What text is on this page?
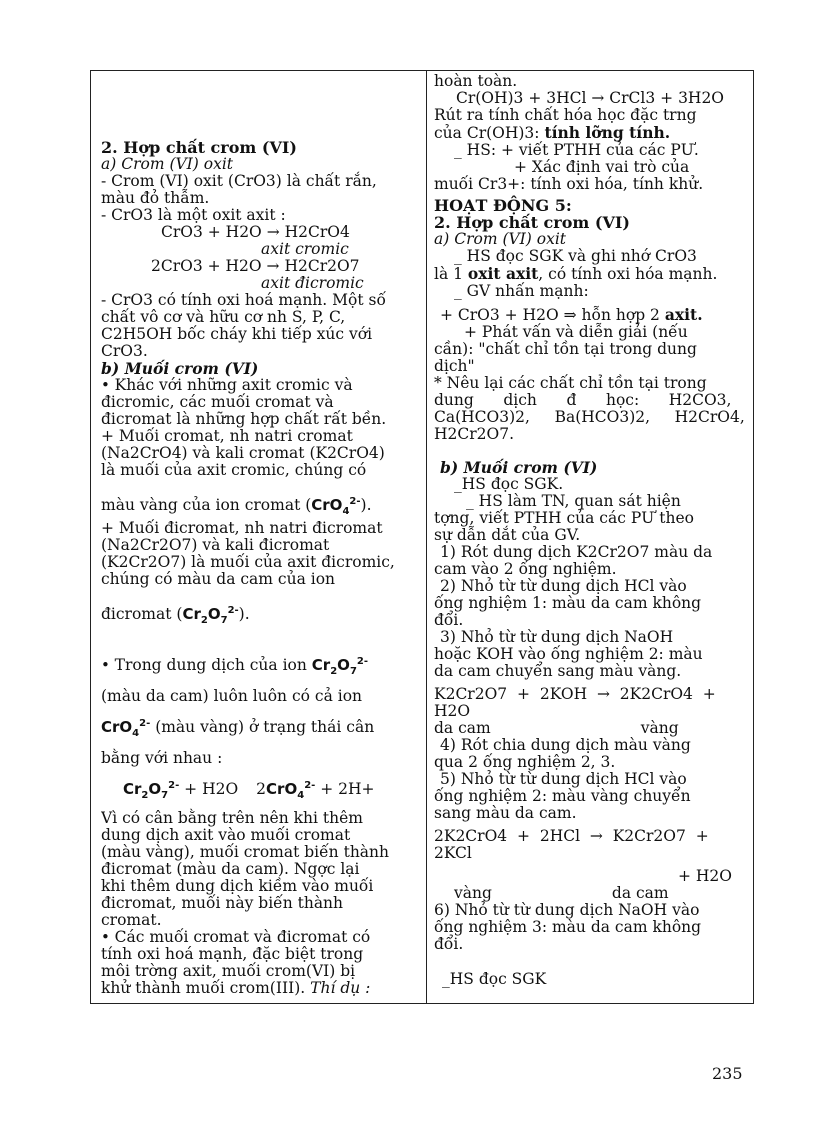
2. Hợp chất crom (VI)
a) Crom (VI) oxit
- Crom (VI) oxit (CrO3) là chất rắn,
màu đỏ thẫm.
- CrO3 là một oxit axit :
CrO3 + H2O → H2CrO4
axit cromic
2CrO3 + H2O → H2Cr2O7
axit đicromic
- CrO3 có tính oxi hoá mạnh. Một số
chất vô cơ và hữu cơ nh S, P, C,
C2H5OH bốc cháy khi tiếp xúc với
CrO3.
b) Muối crom (VI)
• Khác với những axit cromic và
đicromic, các muối cromat và
đicromat là những hợp chất rất bền.
+ Muối cromat, nh natri cromat
(Na2CrO4) và kali cromat (K2CrO4)
là muối của axit cromic, chúng có
màu vàng của ion cromat (CrO$_4^{2-}$).
+ Muối đicromat, nh natri đicromat
(Na2Cr2O7) và kali đicromat
(K2Cr2O7) là muối của axit đicromic,
chúng có màu da cam của ion
đicromat $(Cr_2O_7^{2-})$.
• Trong dung dịch của ion $Cr_2O_7^{2-}$
(màu da cam) luôn luôn có cả ion
CrO$_4^{2-}$ (màu vàng) ở trạng thái cân
bằng với nhau :
$Cr_2O_7^{2-} + H2O$ 2CrO$_4^{2-}$ + 2H+
Vì có cân bằng trên nên khi thêm
dung dịch axit vào muối cromat
(màu vàng), muối cromat biến thành
đicromat (màu da cam). Ngợc lại
khi thêm dung dịch kiềm vào muối
đicromat, muối này biến thành
cromat.
• Các muối cromat và đicromat có
tính oxi hoá mạnh, đặc biệt trong
môi trờng axit, muối crom(VI) bị
khử thành muối crom(III). Thí dụ :
hoàn toàn.
Cr(OH)3 + 3HCl → CrCl3 + 3H2O
Rút ra tính chất hóa học đặc trng
của Cr(OH)3: tính lỡng tính.
_ HS: + viết PTHH của các PƯ.
+ Xác định vai trò của
muối Cr3+: tính oxi hóa, tính khử.
HOẠT ĐỘNG 5:
2. Hợp chất crom (VI)
a) Crom (VI) oxit
_ HS đọc SGK và ghi nhớ CrO3
là 1 oxit axit, có tính oxi hóa mạnh.
_ GV nhấn mạnh:
+ CrO3 + H2O ⇒ hỗn hợp 2 axit.
+ Phát vấn và diễn giải (nếu
cần): "chất chỉ tồn tại trong dung
dịch"
* Nêu lại các chất chỉ tồn tại trong
dung      dịch      đ      học:      H2CO3,
Ca(HCO3)2,     Ba(HCO3)2,     H2CrO4,
H2Cr2O7.
b) Muối crom (VI)
_HS đọc SGK.
_ HS làm TN, quan sát hiện
tợng, viết PTHH của các PƯ theo
sự dẫn dắt của GV.
1) Rót dung dịch K2Cr2O7 màu da
cam vào 2 ống nghiệm.
2) Nhỏ từ từ dung dịch HCl vào
ống nghiệm 1: màu da cam không
đổi.
3) Nhỏ từ từ dung dịch NaOH
hoặc KOH vào ống nghiệm 2: màu
da cam chuyển sang màu vàng.
K2Cr2O7  +  2KOH  →  2K2CrO4  +
H2O
da cam	vàng
4) Rót chia dung dịch màu vàng
qua 2 ống nghiệm 2, 3.
5) Nhỏ từ từ dung dịch HCl vào
ống nghiệm 2: màu vàng chuyển
sang màu da cam.
2K2CrO4  +  2HCl  →  K2Cr2O7  +
2KCl
+ H2O
vàng	da cam
6) Nhỏ từ từ dung dịch NaOH vào
ống nghiệm 3: màu da cam không
đổi.
_HS đọc SGK
235
